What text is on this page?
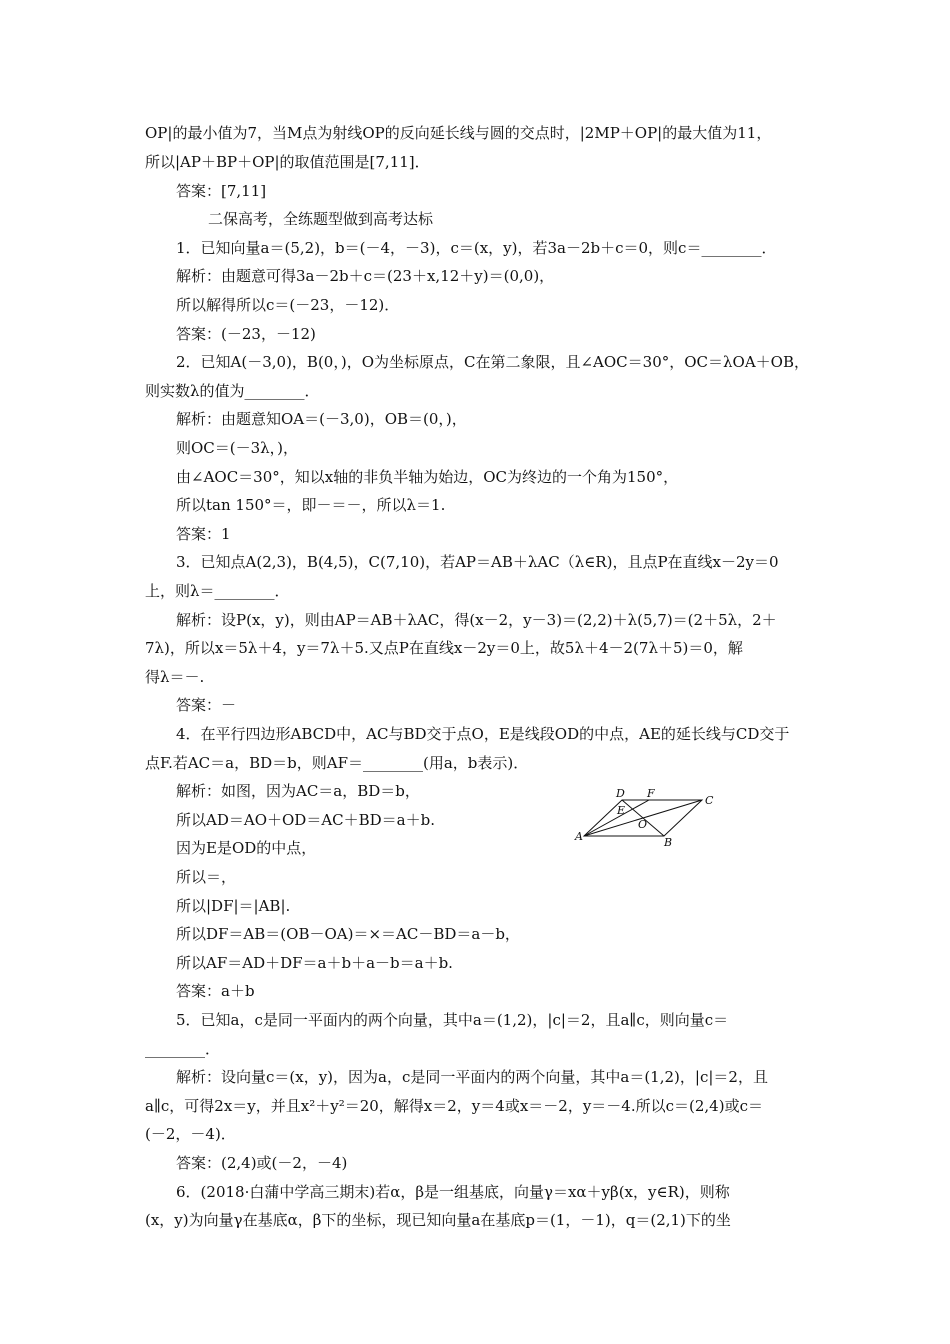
OP|的最小值为7，当M点为射线OP的反向延长线与圆的交点时，|2MP＋OP|的最大值为11，
所以|AP＋BP＋OP|的取值范围是[7,11]．
答案：[7,11]
二保高考，全练题型做到高考达标
1．已知向量a＝(5,2)，b＝(－4，－3)，c＝(x，y)，若3a－2b＋c＝0，则c＝________．
解析：由题意可得3a－2b＋c＝(23＋x,12＋y)＝(0,0)，
所以解得所以c＝(－23，－12)．
答案：(－23，－12)
2．已知A(－3,0)，B(0，)，O为坐标原点，C在第二象限，且∠AOC＝30°，OC＝λOA＋OB，
则实数λ的值为________．
解析：由题意知OA＝(－3,0)，OB＝(0，)，
则OC＝(－3λ，)，
由∠AOC＝30°，知以x轴的非负半轴为始边，OC为终边的一个角为150°，
所以tan 150°＝，即－＝－，所以λ＝1.
答案：1
3．已知点A(2,3)，B(4,5)，C(7,10)，若AP＝AB＋λAC（λ∈R)，且点P在直线x－2y＝0
上，则λ＝________．
解析：设P(x，y)，则由AP＝AB＋λAC，得(x－2，y－3)＝(2,2)＋λ(5,7)＝(2＋5λ，2＋
7λ)，所以x＝5λ＋4，y＝7λ＋5.又点P在直线x－2y＝0上，故5λ＋4－2(7λ＋5)＝0，解
得λ＝－.
答案：－
4．在平行四边形ABCD中，AC与BD交于点O，E是线段OD的中点，AE的延长线与CD交于
点F.若AC＝a，BD＝b，则AF＝________(用a，b表示)．
解析：如图，因为AC＝a，BD＝b，
所以AD＝AO＋OD＝AC＋BD＝a＋b.
因为E是OD的中点，
所以＝，
所以|DF|＝|AB|.
所以DF＝AB＝(OB－OA)＝×＝AC－BD＝a－b，
所以AF＝AD＋DF＝a＋b＋a－b＝a＋b.
答案：a＋b
5．已知a，c是同一平面内的两个向量，其中a＝(1,2)，|c|＝2，且a∥c，则向量c＝
________．
解析：设向量c＝(x，y)，因为a，c是同一平面内的两个向量，其中a＝(1,2)，|c|＝2，且
a∥c，可得2x＝y，并且x²＋y²＝20，解得x＝2，y＝4或x＝－2，y＝－4.所以c＝(2,4)或c＝
(－2，－4)．
答案：(2,4)或(－2，－4)
6．(2018·白蒲中学高三期末)若α，β是一组基底，向量γ＝xα＋yβ(x，y∈R)，则称
(x，y)为向量γ在基底α，β下的坐标，现已知向量a在基底p＝(1，－1)，q＝(2,1)下的坐
D F
C
E
O
A	B
